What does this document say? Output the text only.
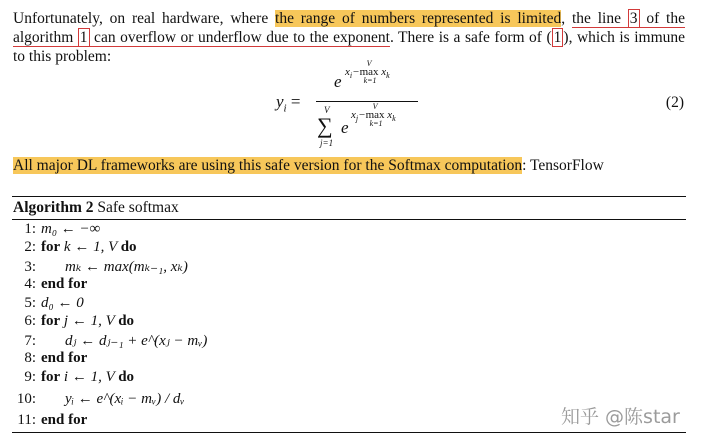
Unfortunately, on real hardware, where the range of numbers represented is limited, the line 3 of the algorithm 1 can overflow or underflow due to the exponent. There is a safe form of ( 1 ), which is immune to this problem:
$y_i$ =
e $x_i-$
V
max
k=1
$x_k$
V
∑
j=1
e
$x_j-$
V
max
k=1
$x_k$
(2)
All major DL frameworks are using this safe version for the Softmax computation: TensorFlow
Algorithm 2 Safe softmax
1: m₀ ← −∞
2: for k ← 1, V do
3: mₖ ← max(mₖ₋₁, xₖ)
4: end for
5: d₀ ← 0
6: for j ← 1, V do
7: dⱼ ← dⱼ₋₁ + e^(xⱼ − mᵥ)
8: end for
9: for i ← 1, V do
10: yᵢ ← e^(xᵢ − mᵥ) / dᵥ
11: end for	知乎 @陈star
